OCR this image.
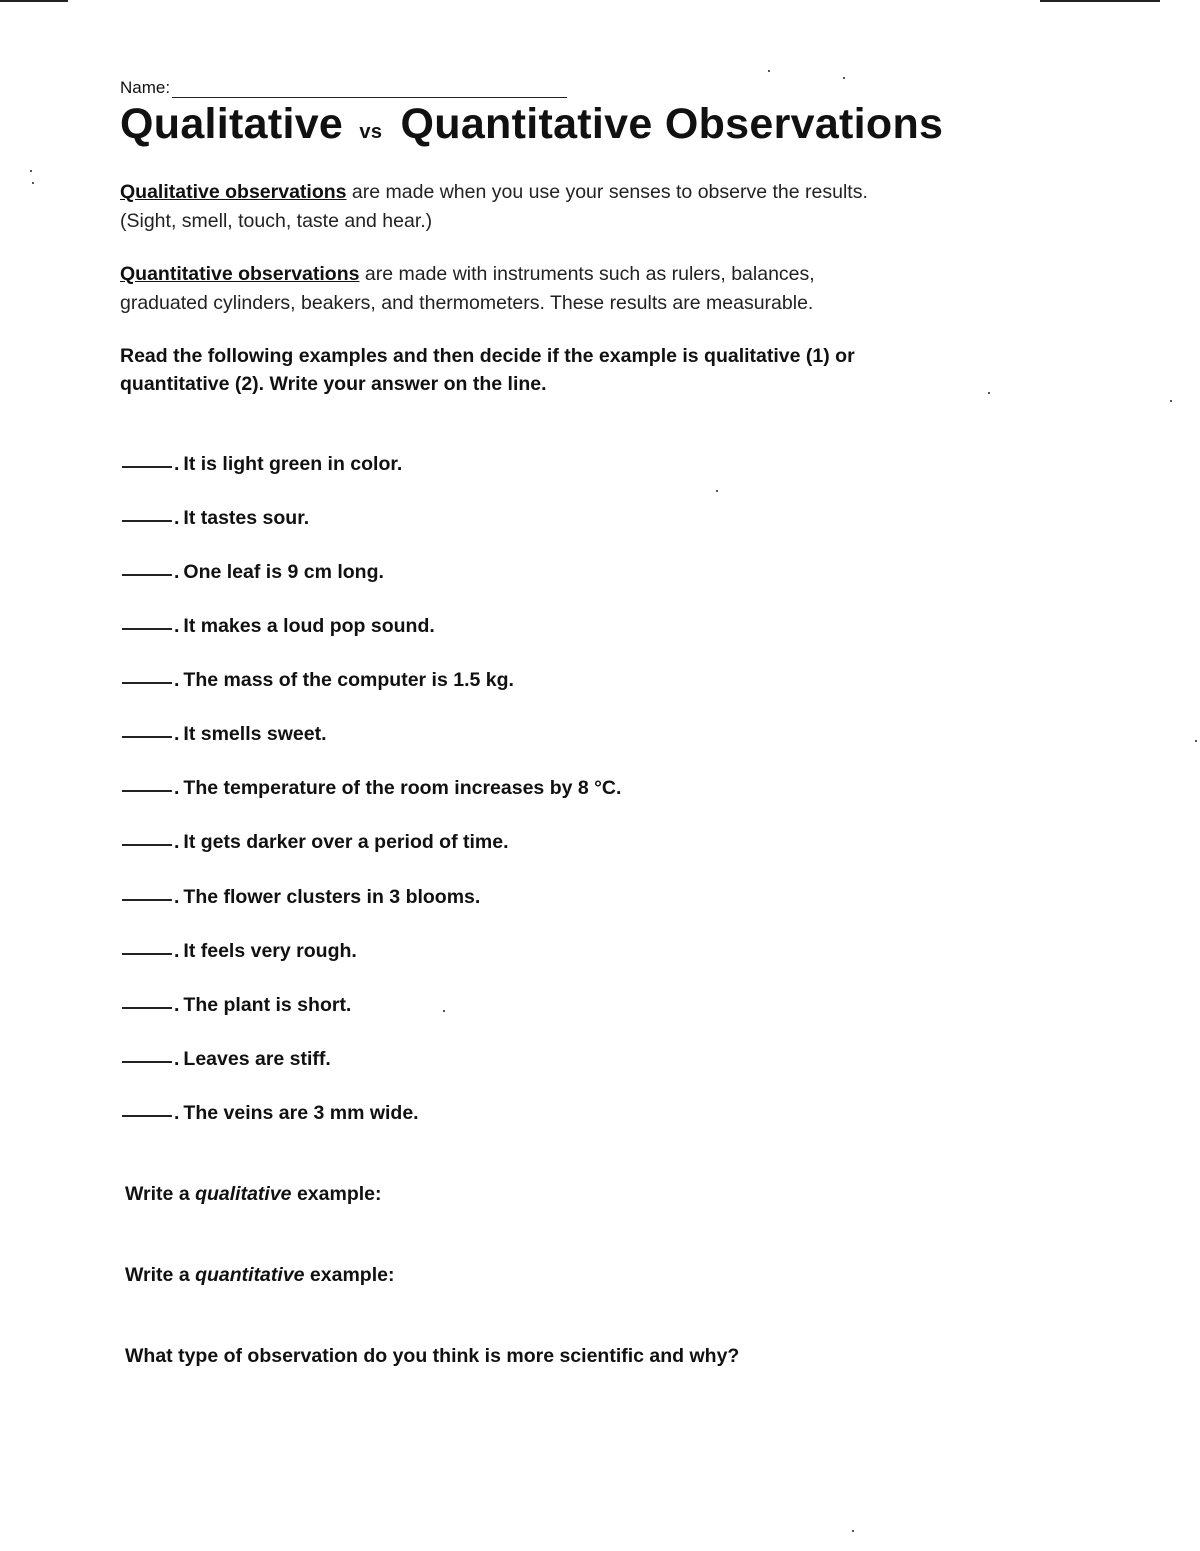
Name:
Qualitative vs Quantitative Observations
Qualitative observations are made when you use your senses to observe the results.
(Sight, smell, touch, taste and hear.)
Quantitative observations are made with instruments such as rulers, balances,
graduated cylinders, beakers, and thermometers. These results are measurable.
Read the following examples and then decide if the example is qualitative (1) or
quantitative (2). Write your answer on the line.
. It is light green in color.
. It tastes sour.
. One leaf is 9 cm long.
. It makes a loud pop sound.
. The mass of the computer is 1.5 kg.
. It smells sweet.
. The temperature of the room increases by 8 °C.
. It gets darker over a period of time.
. The flower clusters in 3 blooms.
. It feels very rough.
. The plant is short.
. Leaves are stiff.
. The veins are 3 mm wide.
Write a qualitative example:
Write a quantitative example:
What type of observation do you think is more scientific and why?
